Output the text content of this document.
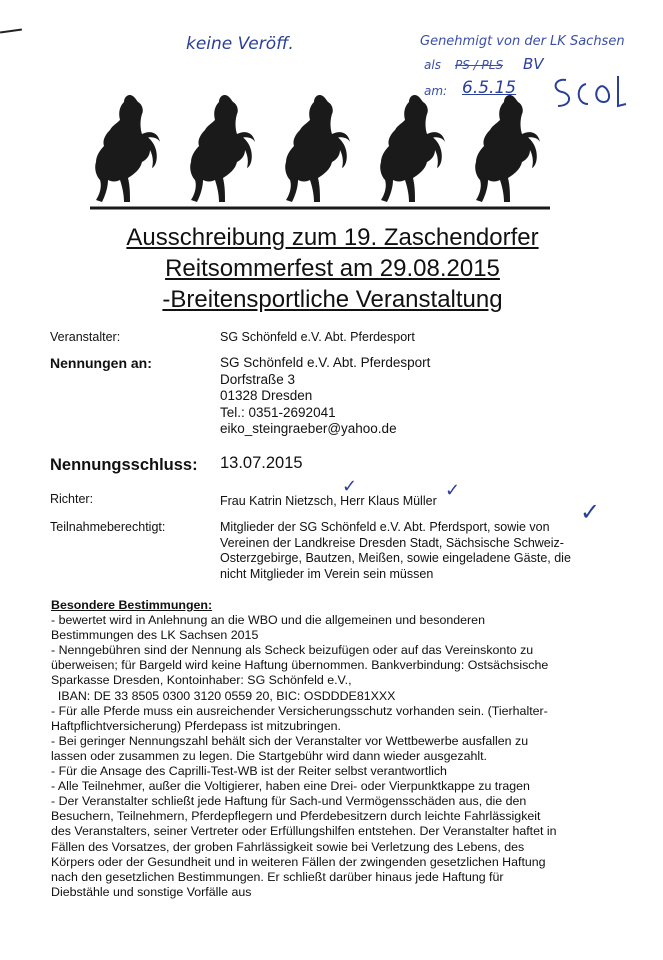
keine Veröff.	Genehmigt von der LK Sachsen
als PS / PLS BV
am: 6.5.15
Ausschreibung zum 19. Zaschendorfer
Reitsommerfest am 29.08.2015
-Breitensportliche Veranstaltung
Veranstalter:	SG Schönfeld e.V. Abt. Pferdesport
Nennungen an:	SG Schönfeld e.V. Abt. Pferdesport
Dorfstraße 3
01328 Dresden
Tel.: 0351-2692041
eiko_steingraeber@yahoo.de
Nennungsschluss: 13.07.2015
Richter:	Frau Katrin Nietzsch, Herr Klaus Müller
✓	✓
Teilnahmeberechtigt:	Mitglieder der SG Schönfeld e.V. Abt. Pferdsport, sowie von
Vereinen der Landkreise Dresden Stadt, Sächsische Schweiz-
Osterzgebirge, Bautzen, Meißen, sowie eingeladene Gäste, die
nicht Mitglieder im Verein sein müssen
✓
Besondere Bestimmungen:
- bewertet wird in Anlehnung an die WBO und die allgemeinen und besonderen
Bestimmungen des LK Sachsen 2015
- Nenngebühren sind der Nennung als Scheck beizufügen oder auf das Vereinskonto zu
überweisen; für Bargeld wird keine Haftung übernommen. Bankverbindung: Ostsächsische
Sparkasse Dresden, Kontoinhaber: SG Schönfeld e.V.,
IBAN: DE 33 8505 0300 3120 0559 20, BIC: OSDDDE81XXX
- Für alle Pferde muss ein ausreichender Versicherungsschutz vorhanden sein. (Tierhalter-
Haftpflichtversicherung) Pferdepass ist mitzubringen.
- Bei geringer Nennungszahl behält sich der Veranstalter vor Wettbewerbe ausfallen zu
lassen oder zusammen zu legen. Die Startgebühr wird dann wieder ausgezahlt.
- Für die Ansage des Caprilli-Test-WB ist der Reiter selbst verantwortlich
- Alle Teilnehmer, außer die Voltigierer, haben eine Drei- oder Vierpunktkappe zu tragen
- Der Veranstalter schließt jede Haftung für Sach-und Vermögensschäden aus, die den
Besuchern, Teilnehmern, Pferdepflegern und Pferdebesitzern durch leichte Fahrlässigkeit
des Veranstalters, seiner Vertreter oder Erfüllungshilfen entstehen. Der Veranstalter haftet in
Fällen des Vorsatzes, der groben Fahrlässigkeit sowie bei Verletzung des Lebens, des
Körpers oder der Gesundheit und in weiteren Fällen der zwingenden gesetzlichen Haftung
nach den gesetzlichen Bestimmungen. Er schließt darüber hinaus jede Haftung für
Diebstähle und sonstige Vorfälle aus
